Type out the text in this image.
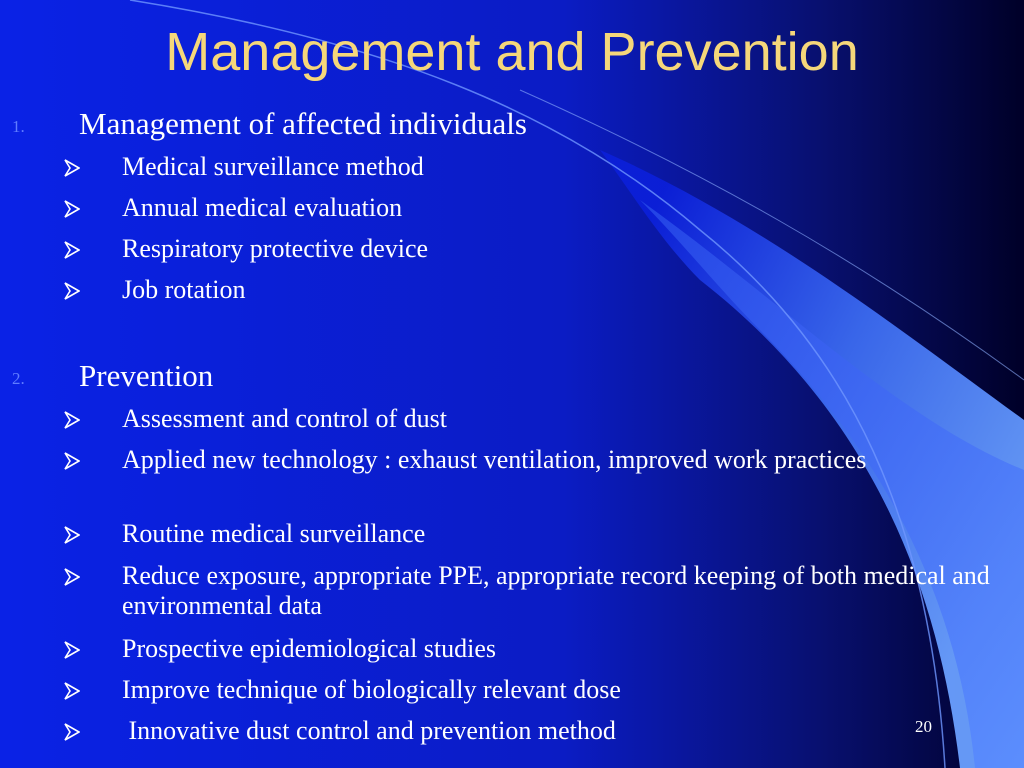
Management and Prevention
1. Management of affected individuals
Medical surveillance method
Annual medical evaluation
Respiratory protective device
Job rotation
2. Prevention
Assessment and control of dust
Applied new technology : exhaust ventilation, improved work practices
Routine medical surveillance
Reduce exposure, appropriate PPE, appropriate record keeping of both medical and environmental data
Prospective epidemiological studies
Improve technique of biologically relevant dose
Innovative dust control and prevention method	20
